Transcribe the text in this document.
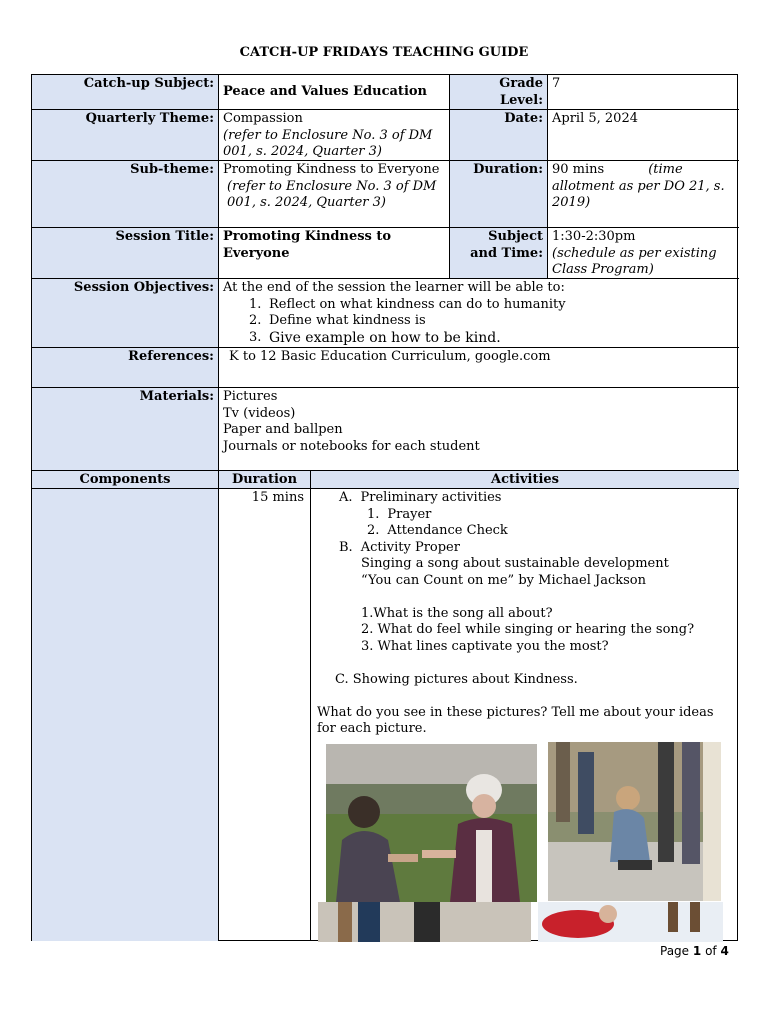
CATCH-UP FRIDAYS TEACHING GUIDE
Catch-up Subject:
Peace and Values Education
Grade
Level:
7
Quarterly Theme: Compassion
(refer to Enclosure No. 3 of DM 001, s. 2024, Quarter 3)
Date: April 5, 2024
Sub-theme: Promoting Kindness to Everyone
(refer to Enclosure No. 3 of DM 001, s. 2024, Quarter 3)
Duration: 90 mins	(time allotment as per DO 21, s. 2019)
Session Title: Promoting Kindness to Everyone
Subject
and Time:
1:30-2:30pm
(schedule as per existing Class Program)
Session Objectives: At the end of the session the learner will be able to:
1. Reflect on what kindness can do to humanity
2. Define what kindness is
3. Give example on how to be kind.
References:	K to 12 Basic Education Curriculum, google.com
Materials: Pictures
Tv (videos)
Paper and ballpen
Journals or notebooks for each student
Components	Duration	Activities
15 mins	A. Preliminary activities
1. Prayer
2. Attendance Check
B. Activity Proper
Singing a song about sustainable development
“You can Count on me” by Michael Jackson
1.What is the song all about?
2. What do feel while singing or hearing the song?
3. What lines captivate you the most?
C. Showing pictures about Kindness.
What do you see in these pictures? Tell me about your ideas for each picture.
Page 1 of 4
